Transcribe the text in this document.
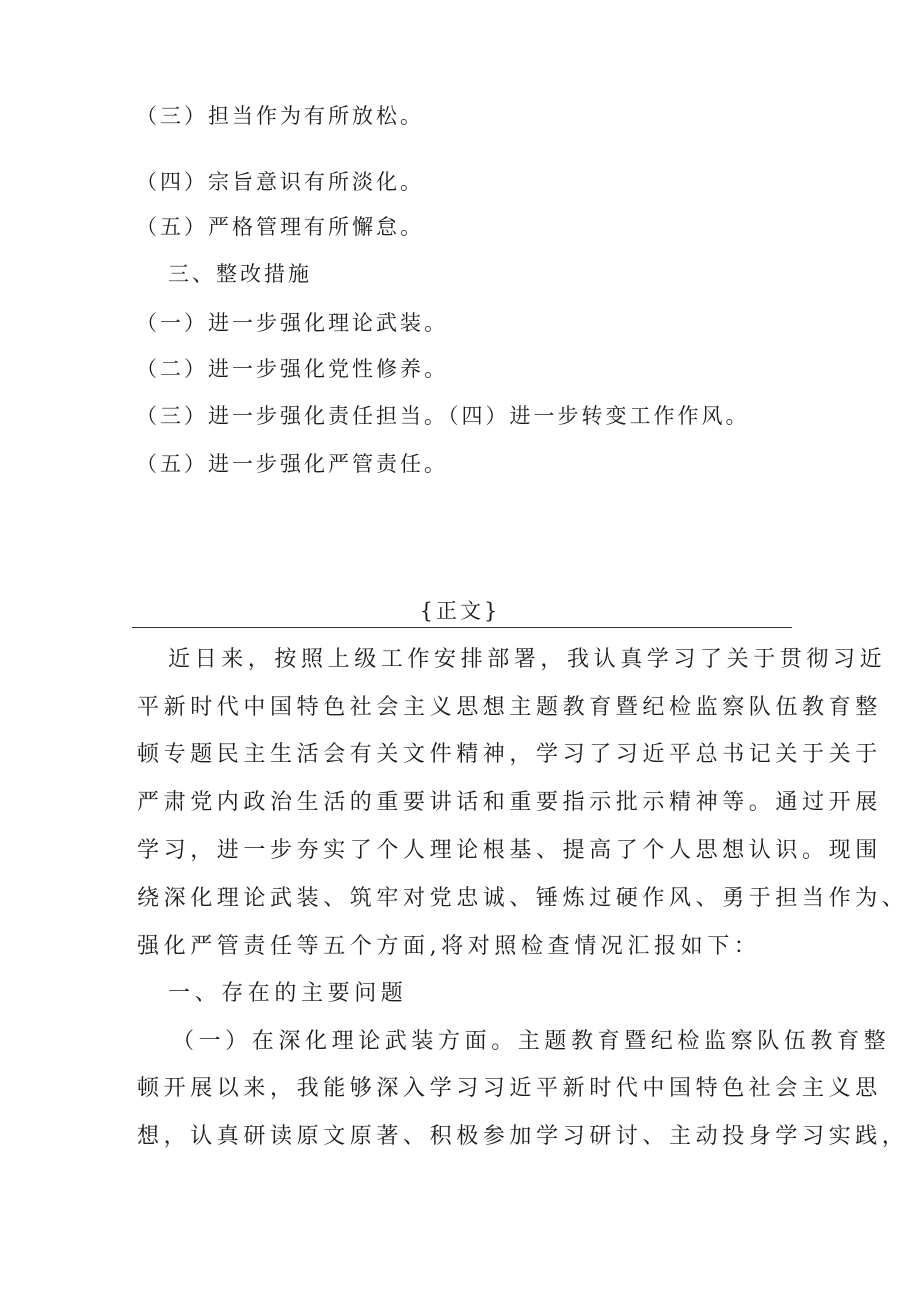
（三）担当作为有所放松。
（四）宗旨意识有所淡化。
（五）严格管理有所懈怠。
三、整改措施
（一）进一步强化理论武装。
（二）进一步强化党性修养。
（三）进一步强化责任担当。（四）进一步转变工作作风。
（五）进一步强化严管责任。
{正文}
近日来，按照上级工作安排部署，我认真学习了关于贯彻习近
平新时代中国特色社会主义思想主题教育暨纪检监察队伍教育整
顿专题民主生活会有关文件精神，学习了习近平总书记关于关于
严肃党内政治生活的重要讲话和重要指示批示精神等。通过开展
学习，进一步夯实了个人理论根基、提高了个人思想认识。现围
绕深化理论武装、筑牢对党忠诚、锤炼过硬作风、勇于担当作为、
强化严管责任等五个方面,将对照检查情况汇报如下：
一、存在的主要问题
（一）在深化理论武装方面。主题教育暨纪检监察队伍教育整
顿开展以来，我能够深入学习习近平新时代中国特色社会主义思
想，认真研读原文原著、积极参加学习研讨、主动投身学习实践，
